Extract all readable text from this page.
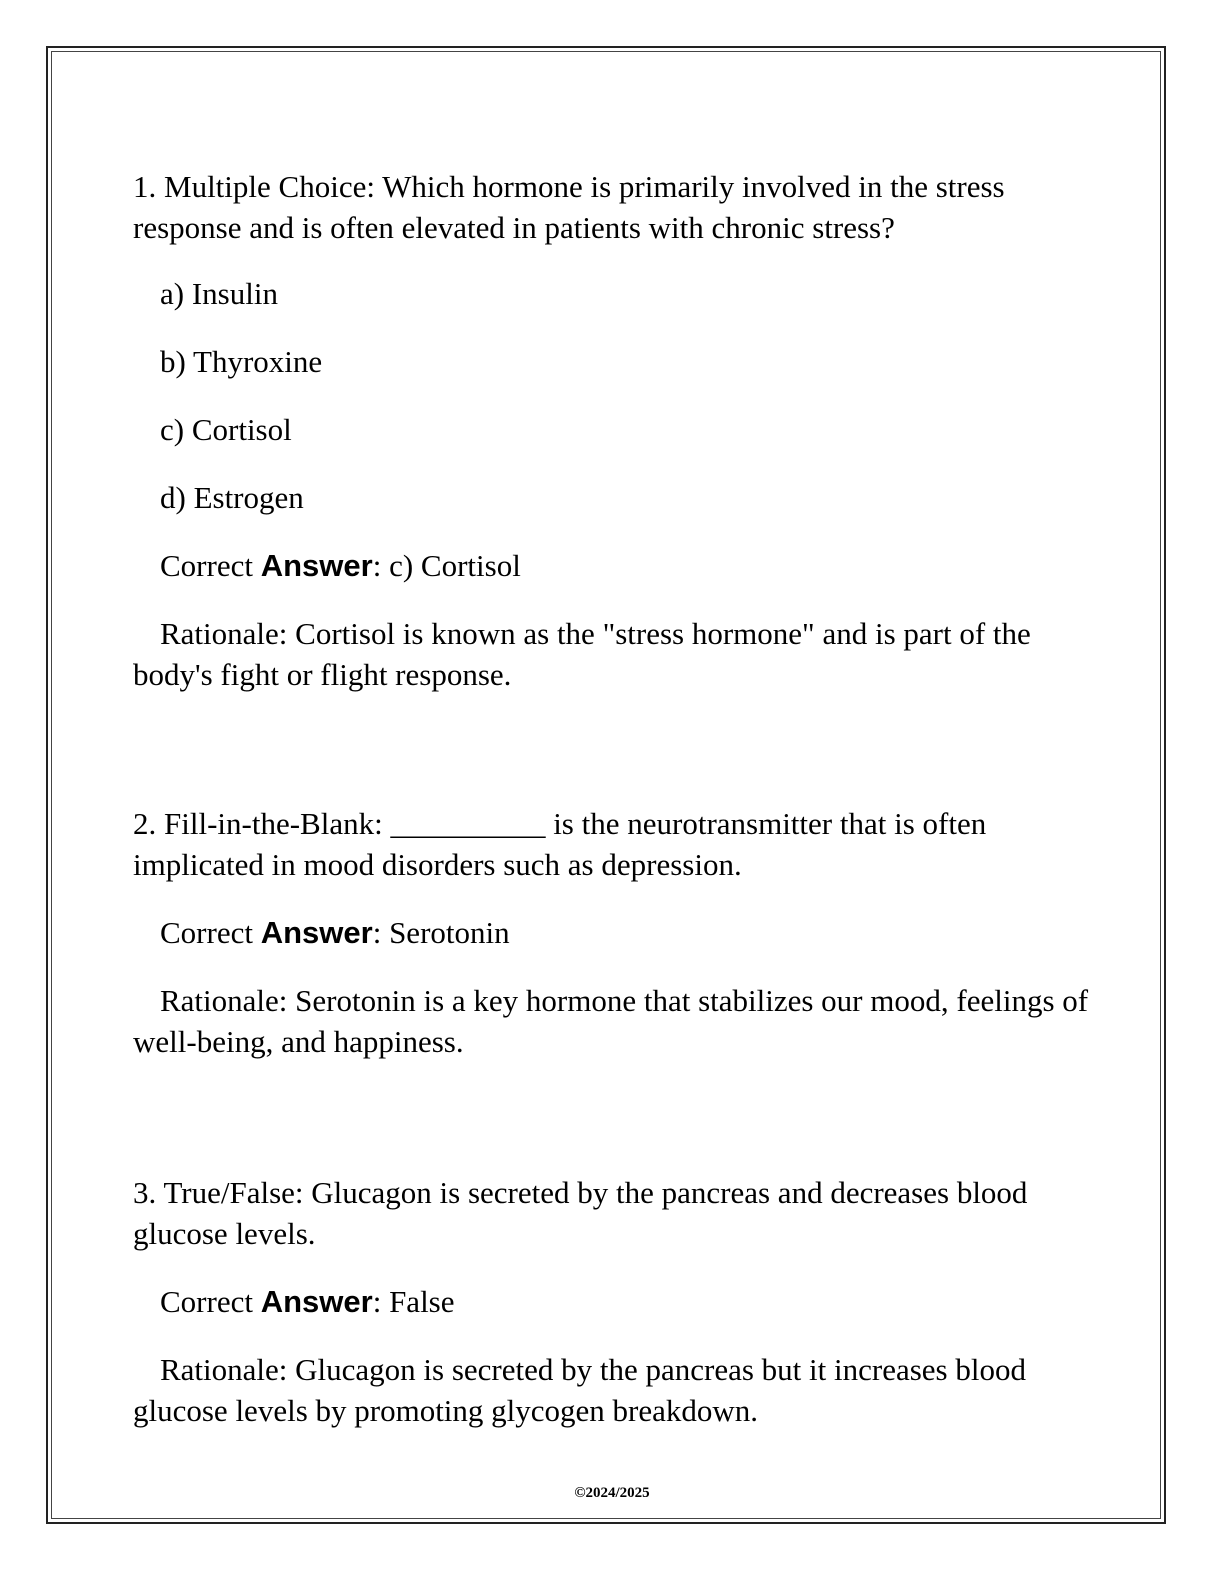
1. Multiple Choice: Which hormone is primarily involved in the stress response and is often elevated in patients with chronic stress?

a) Insulin

b) Thyroxine

c) Cortisol

d) Estrogen

Correct Answer: c) Cortisol

Rationale: Cortisol is known as the "stress hormone" and is part of the body's fight or flight response.

2. Fill-in-the-Blank: __________ is the neurotransmitter that is often implicated in mood disorders such as depression.

Correct Answer: Serotonin

Rationale: Serotonin is a key hormone that stabilizes our mood, feelings of well-being, and happiness.

3. True/False: Glucagon is secreted by the pancreas and decreases blood glucose levels.

Correct Answer: False

Rationale: Glucagon is secreted by the pancreas but it increases blood glucose levels by promoting glycogen breakdown.

©2024/2025
